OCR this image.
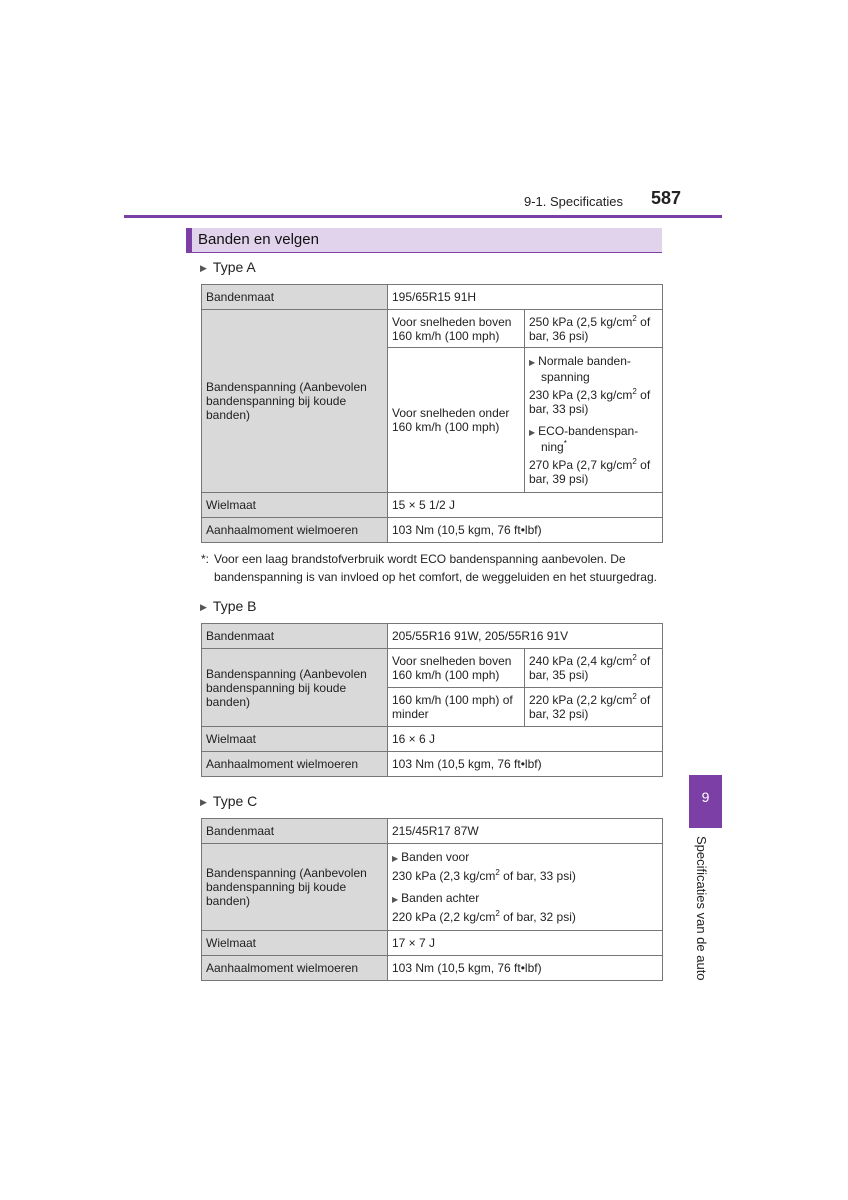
9-1. Specificaties 587
Banden en velgen
▶ Type A
Bandenmaat	195/65R15 91H	
Bandenspanning (Aanbevolen bandenspanning bij koude banden)	Voor snelheden boven 160 km/h (100 mph)	250 kPa (2,5 $kg/cm^2$ of bar, 36 psi)
	Voor snelheden onder 160 km/h (100 mph)	▶ Normale banden-spanning
230 kPa (2,3 $kg/cm^2$ of bar, 33 psi)
▶ ECO-bandenspan-ning*
270 kPa (2,7 $kg/cm^2$ of bar, 39 psi)

Wielmaat	15 × 5 1/2 J	
Aanhaalmoment wielmoeren	103 Nm (10,5 kgm, 76 ft•lbf)	
*: Voor een laag brandstofverbruik wordt ECO bandenspanning aanbevolen. De bandenspanning is van invloed op het comfort, de weggeluiden en het stuurgedrag.
▶ Type B
Bandenmaat	205/55R16 91W, 205/55R16 91V	
Bandenspanning (Aanbevolen bandenspanning bij koude banden)	Voor snelheden boven 160 km/h (100 mph)	240 kPa (2,4 $kg/cm^2$ of bar, 35 psi)
	160 km/h (100 mph) of minder	220 kPa (2,2 $kg/cm^2$ of bar, 32 psi)
Wielmaat	16 × 6 J	
Aanhaalmoment wielmoeren	103 Nm (10,5 kgm, 76 ft•lbf)	
▶ Type C
Bandenmaat	215/45R17 87W
Bandenspanning (Aanbevolen bandenspanning bij koude banden)	▶ Banden voor
230 kPa (2,3 $kg/cm^2$ of bar, 33 psi)
▶ Banden achter
220 kPa (2,2 $kg/cm^2$ of bar, 32 psi)

Wielmaat	17 × 7 J
Aanhaalmoment wielmoeren	103 Nm (10,5 kgm, 76 ft•lbf)
9
Specificaties van de auto
